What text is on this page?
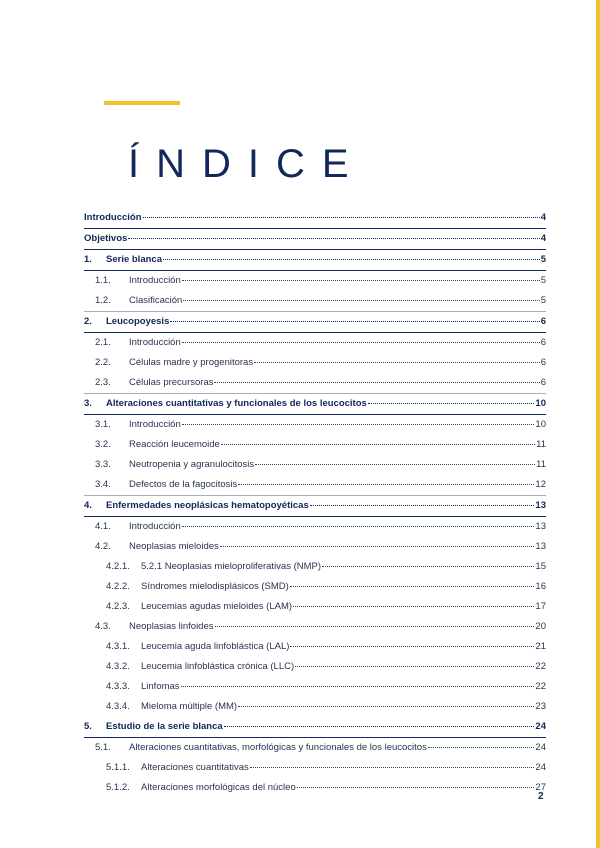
ÍNDICE
Introducción	4
Objetivos	4
1.	Serie blanca	5
1.1.	Introducción	5
1.2.	Clasificación	5
2.	Leucopoyesis	6
2.1.	Introducción	6
2.2.	Células madre y progenitoras	6
2.3.	Células precursoras	6
3.	Alteraciones cuantitativas y funcionales de los leucocitos	10
3.1.	Introducción	10
3.2.	Reacción leucemoide	11
3.3.	Neutropenia y agranulocitosis	11
3.4.	Defectos de la fagocitosis	12
4.	Enfermedades neoplásicas hematopoyéticas	13
4.1.	Introducción	13
4.2.	Neoplasias mieloides	13
4.2.1.	5.2.1 Neoplasias mieloproliferativas (NMP)	15
4.2.2.	Síndromes mielodisplásicos (SMD)	16
4.2.3.	Leucemias agudas mieloides (LAM)	17
4.3.	Neoplasias linfoides	20
4.3.1.	Leucemia aguda linfoblástica (LAL)	21
4.3.2.	Leucemia linfoblástica crónica (LLC)	22
4.3.3.	Linfomas	22
4.3.4.	Mieloma múltiple (MM)	23
5.	Estudio de la serie blanca	24
5.1.	Alteraciones cuantitativas, morfológicas y funcionales de los leucocitos	24
5.1.1.	Alteraciones cuantitativas	24
5.1.2.	Alteraciones morfológicas del núcleo	27
2
